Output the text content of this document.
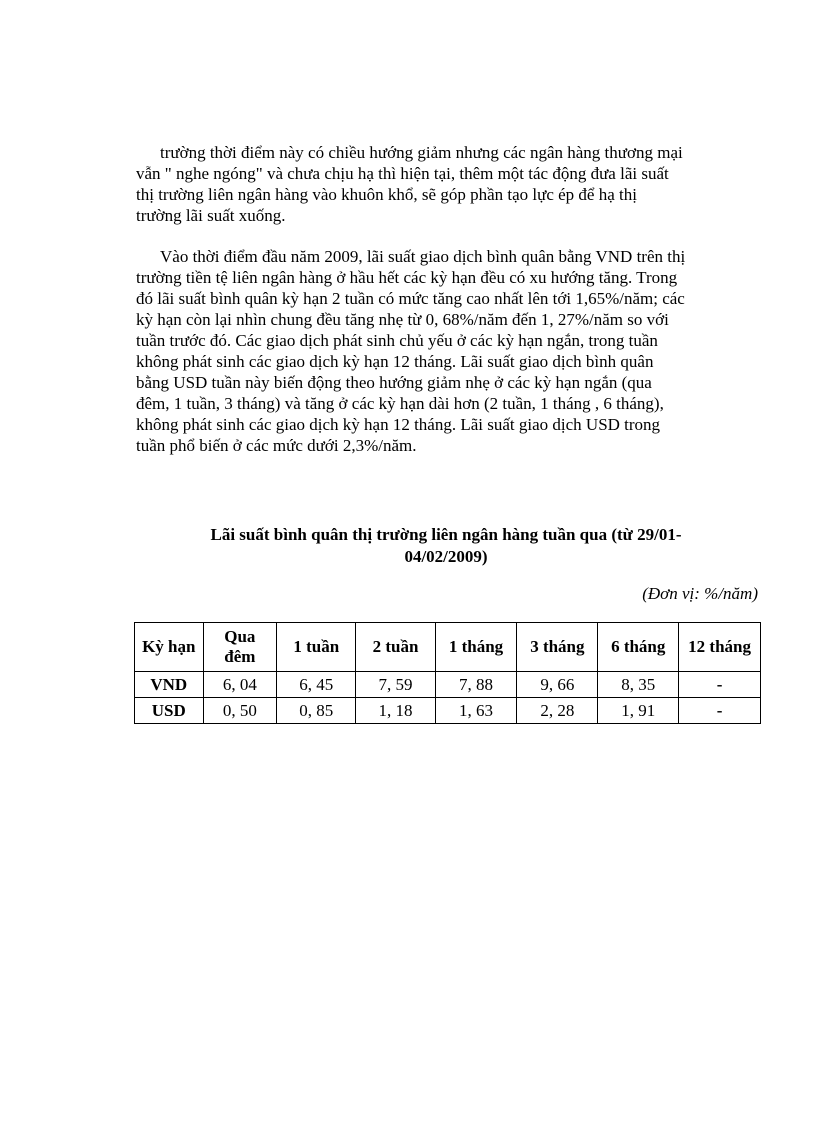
trường thời điểm này có chiều hướng giảm nhưng các ngân hàng thương mại
vẫn " nghe ngóng" và chưa chịu hạ thì hiện tại, thêm một tác động đưa lãi suất
thị trường liên ngân hàng vào khuôn khổ, sẽ góp phần tạo lực ép để hạ thị
trường lãi suất xuống.

Vào thời điểm đầu năm 2009, lãi suất giao dịch bình quân bằng VND trên thị
trường tiền tệ liên ngân hàng ở hầu hết các kỳ hạn đều có xu hướng tăng. Trong
đó lãi suất bình quân kỳ hạn 2 tuần có mức tăng cao nhất lên tới 1,65%/năm; các
kỳ hạn còn lại nhìn chung đều tăng nhẹ từ 0, 68%/năm đến 1, 27%/năm so với
tuần trước đó. Các giao dịch phát sinh chủ yếu ở các kỳ hạn ngắn, trong tuần
không phát sinh các giao dịch kỳ hạn 12 tháng. Lãi suất giao dịch bình quân
bằng USD tuần này biến động theo hướng giảm nhẹ ở các kỳ hạn ngắn (qua
đêm, 1 tuần, 3 tháng) và tăng ở các kỳ hạn dài hơn (2 tuần, 1 tháng , 6 tháng),
không phát sinh các giao dịch kỳ hạn 12 tháng. Lãi suất giao dịch USD trong
tuần phổ biến ở các mức dưới 2,3%/năm.

Lãi suất bình quân thị trường liên ngân hàng tuần qua (từ 29/01-
04/02/2009)

(Đơn vị: %/năm)

Kỳ hạn	Qua
đêm	1 tuần	2 tuần	1 tháng	3 tháng	6 tháng	12 tháng
VND	6, 04	6, 45	7, 59	7, 88	9, 66	8, 35	-
USD	0, 50	0, 85	1, 18	1, 63	2, 28	1, 91	-
